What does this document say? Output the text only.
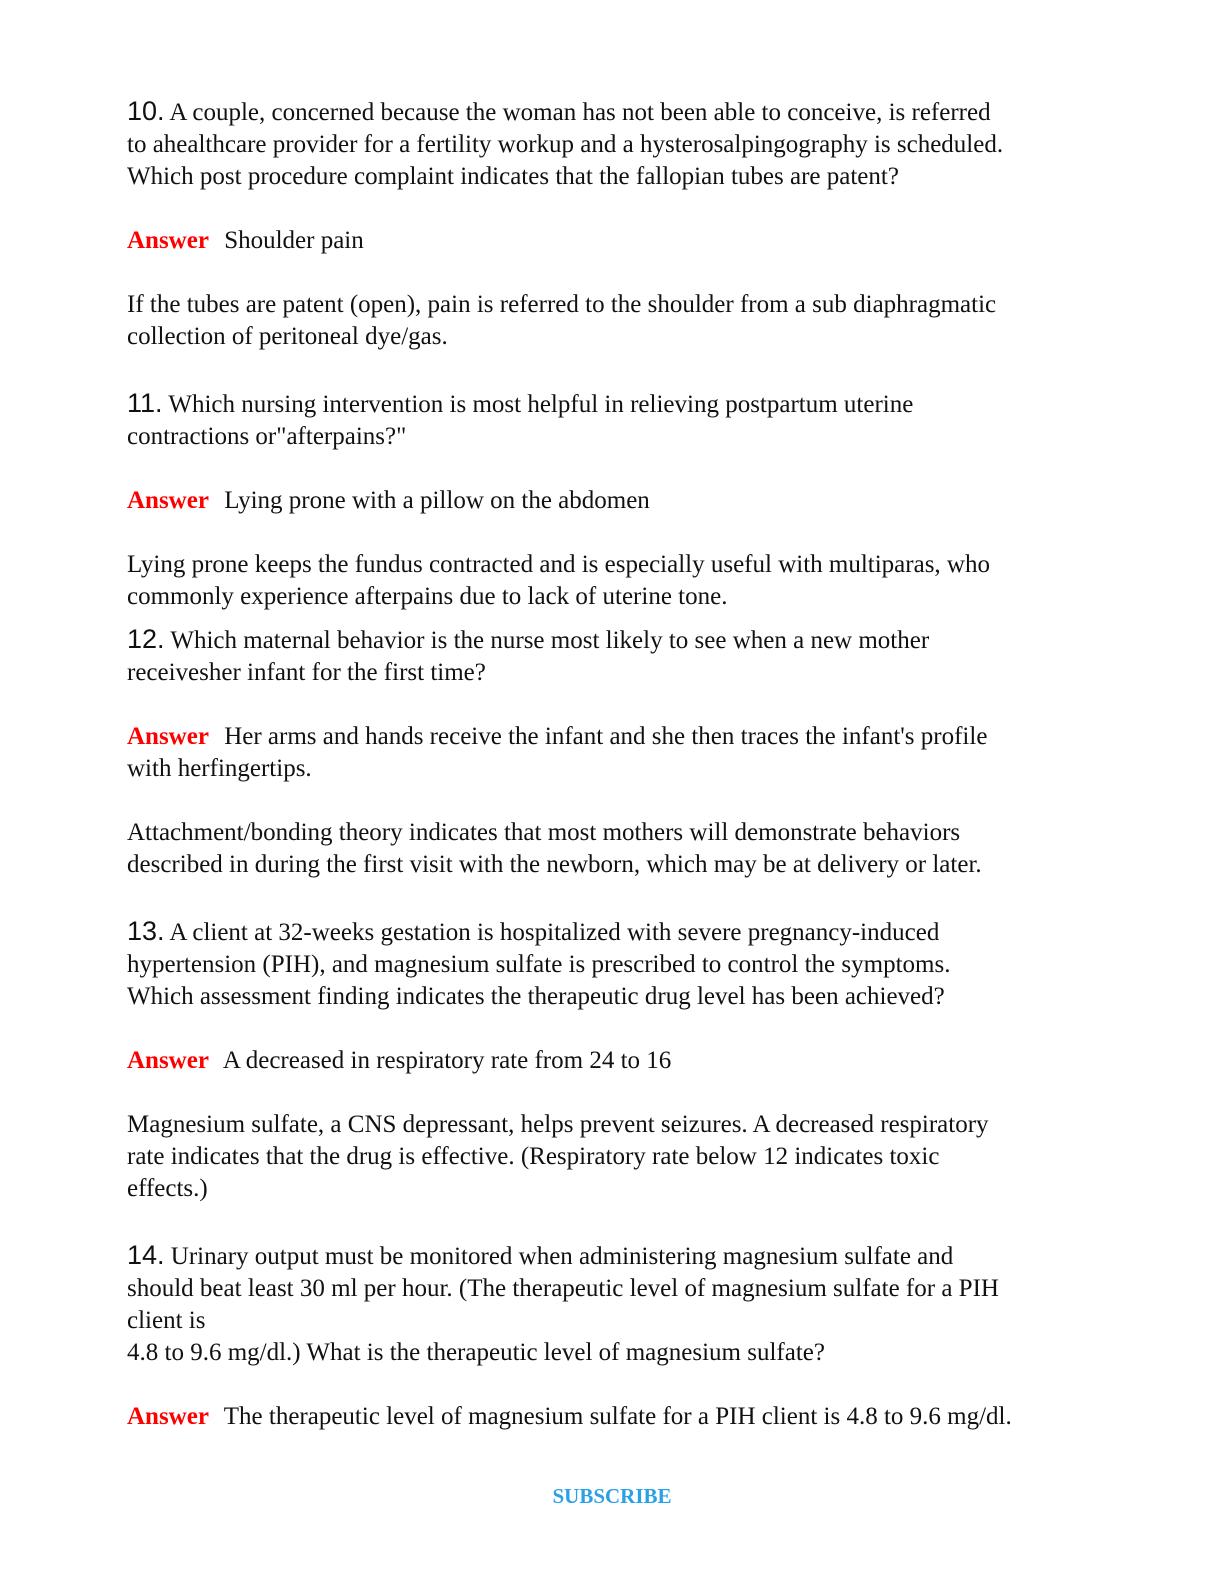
10. A couple, concerned because the woman has not been able to conceive, is referred
to ahealthcare provider for a fertility workup and a hysterosalpingography is scheduled.
Which post procedure complaint indicates that the fallopian tubes are patent?

Answer Shoulder pain

If the tubes are patent (open), pain is referred to the shoulder from a sub diaphragmatic
collection of peritoneal dye/gas.

11. Which nursing intervention is most helpful in relieving postpartum uterine
contractions or"afterpains?"

Answer Lying prone with a pillow on the abdomen

Lying prone keeps the fundus contracted and is especially useful with multiparas, who
commonly experience afterpains due to lack of uterine tone.

12. Which maternal behavior is the nurse most likely to see when a new mother
receivesher infant for the first time?

Answer Her arms and hands receive the infant and she then traces the infant's profile
with herfingertips.

Attachment/bonding theory indicates that most mothers will demonstrate behaviors
described in during the first visit with the newborn, which may be at delivery or later.

13. A client at 32-weeks gestation is hospitalized with severe pregnancy-induced
hypertension (PIH), and magnesium sulfate is prescribed to control the symptoms.
Which assessment finding indicates the therapeutic drug level has been achieved?

Answer A decreased in respiratory rate from 24 to 16

Magnesium sulfate, a CNS depressant, helps prevent seizures. A decreased respiratory
rate indicates that the drug is effective. (Respiratory rate below 12 indicates toxic
effects.)

14. Urinary output must be monitored when administering magnesium sulfate and
should beat least 30 ml per hour. (The therapeutic level of magnesium sulfate for a PIH
client is
4.8 to 9.6 mg/dl.) What is the therapeutic level of magnesium sulfate?

Answer The therapeutic level of magnesium sulfate for a PIH client is 4.8 to 9.6 mg/dl.

SUBSCRIBE
